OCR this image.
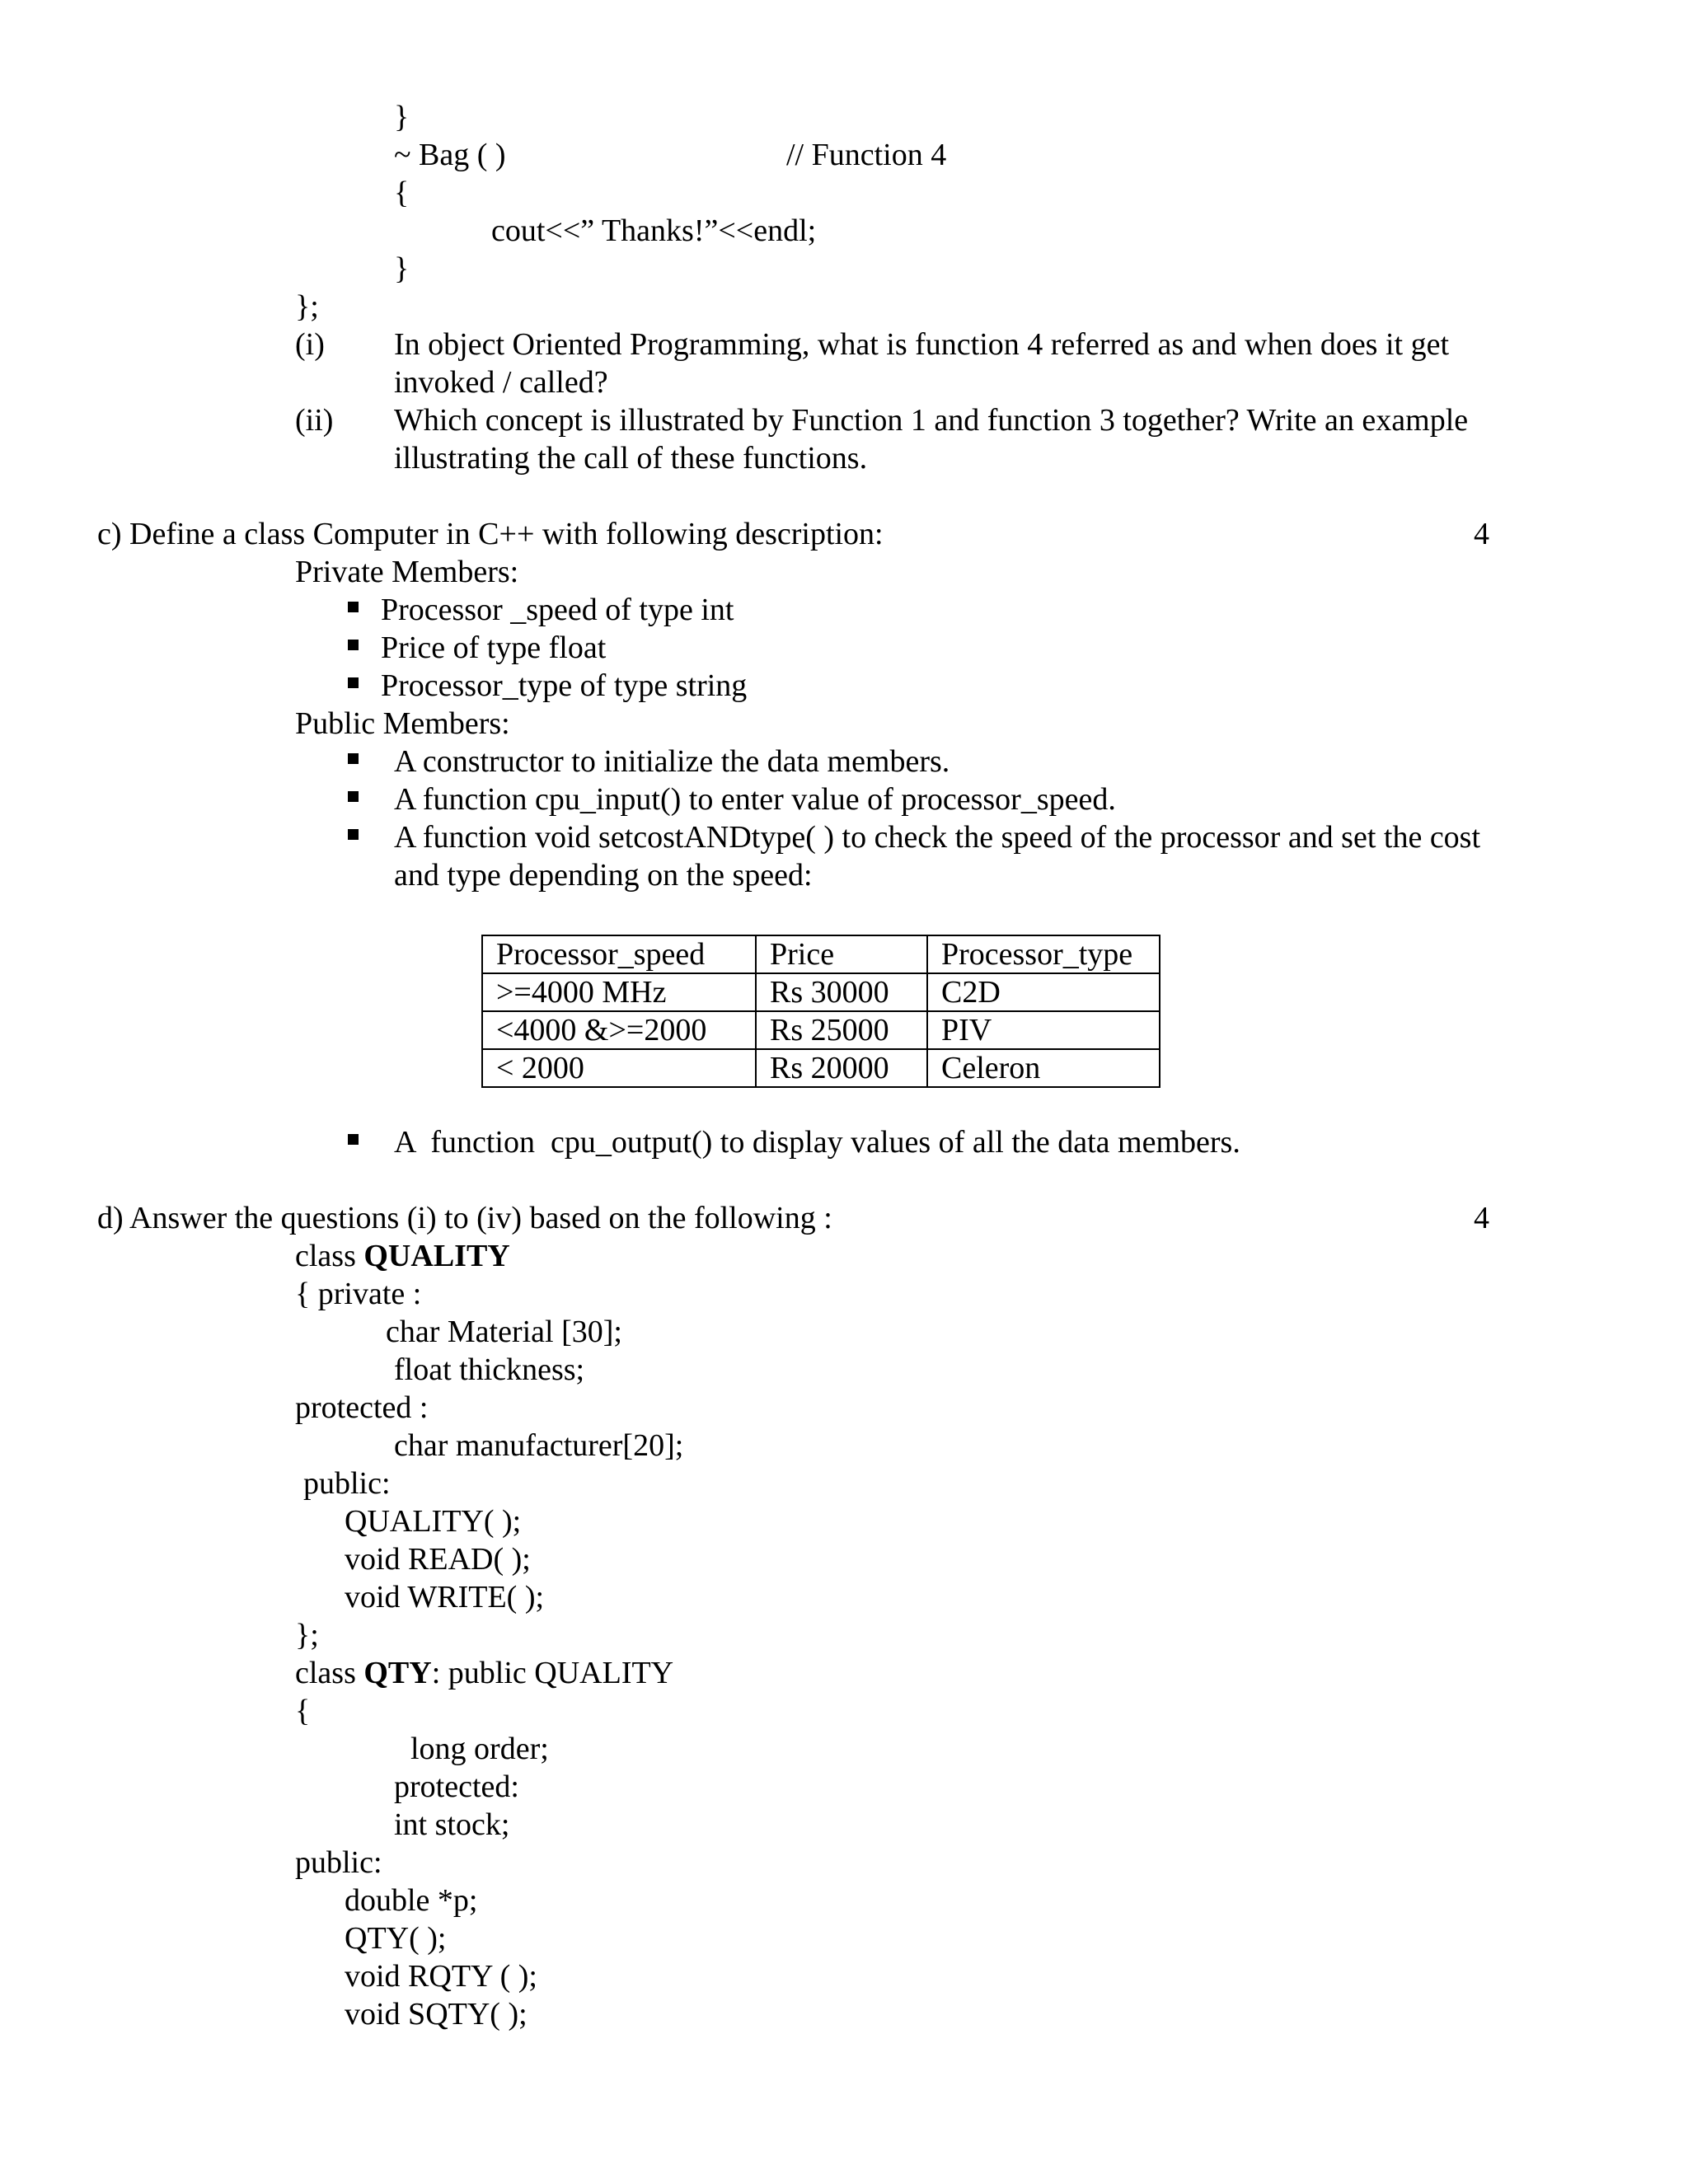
}
~ Bag ( )	// Function 4
{
cout<<” Thanks!”<<endl;
}
};
(i) In object Oriented Programming, what is function 4 referred as and when does it get
invoked / called?
(ii) Which concept is illustrated by Function 1 and function 3 together? Write an example
illustrating the call of these functions.
c) Define a class Computer in C++ with following description:	4
Private Members:
Processor _speed of type int
Price of type float
Processor_type of type string
Public Members:
A constructor to initialize the data members.
A function cpu_input() to enter value of processor_speed.
A function void setcostANDtype( ) to check the speed of the processor and set the cost
and type depending on the speed:
Processor_speed	Price	Processor_type
>=4000 MHz	Rs 30000	C2D
<4000 &>=2000	Rs 25000	PIV
< 2000	Rs 20000	Celeron
A  function  cpu_output() to display values of all the data members.
d) Answer the questions (i) to (iv) based on the following :	4
class QUALITY
{ private :
char Material [30];
float thickness;
protected :
char manufacturer[20];
public:
QUALITY( );
void READ( );
void WRITE( );
};
class QTY: public QUALITY
{
long order;
protected:
int stock;
public:
double *p;
QTY( );
void RQTY ( );
void SQTY( );
